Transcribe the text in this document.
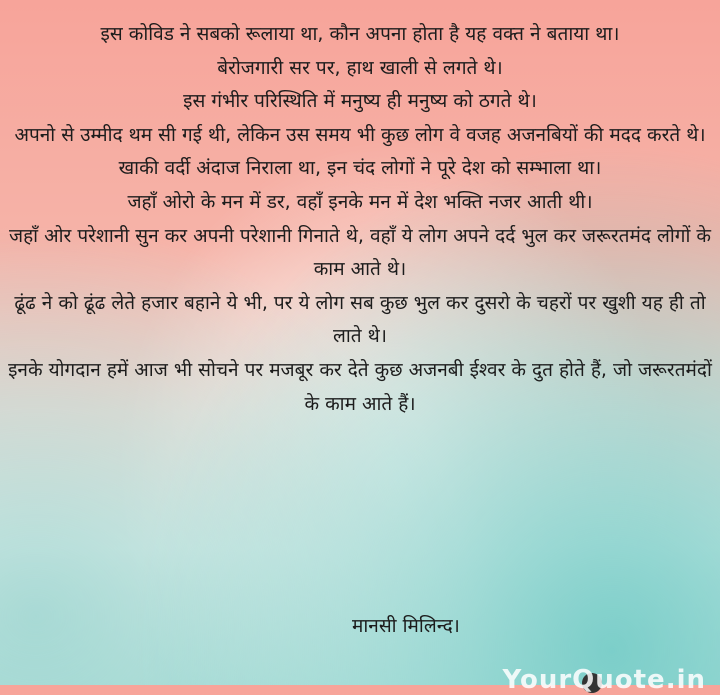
इस कोविड ने सबको रूलाया था, कौन अपना होता है यह वक्त ने बताया था।

बेरोजगारी सर पर, हाथ खाली से लगते थे।

इस गंभीर परिस्थिति में मनुष्य ही मनुष्य को ठगते थे।

अपनो से उम्मीद थम सी गई थी, लेकिन उस समय भी कुछ लोग वे वजह अजनबियों की मदद करते थे।

खाकी वर्दी अंदाज निराला था, इन चंद लोगों ने पूरे देश को सम्भाला था।

जहाँ ओरो के मन में डर, वहाँ इनके मन में देश भक्ति नजर आती थी।

जहाँ ओर परेशानी सुन कर अपनी परेशानी गिनाते थे, वहाँ ये लोग अपने दर्द भुल कर जरूरतमंद लोगों के काम आते थे।

ढूंढ ने को ढूंढ लेते हजार बहाने ये भी, पर ये लोग सब कुछ भुल कर दुसरो के चहरों पर खुशी यह ही तो लाते थे।

इनके योगदान हमें आज भी सोचने पर मजबूर कर देते कुछ अजनबी ईश्वर के दुत होते हैं, जो जरूरतमंदों के काम आते हैं।

मानसी मिलिन्द।
YourQuote.in
